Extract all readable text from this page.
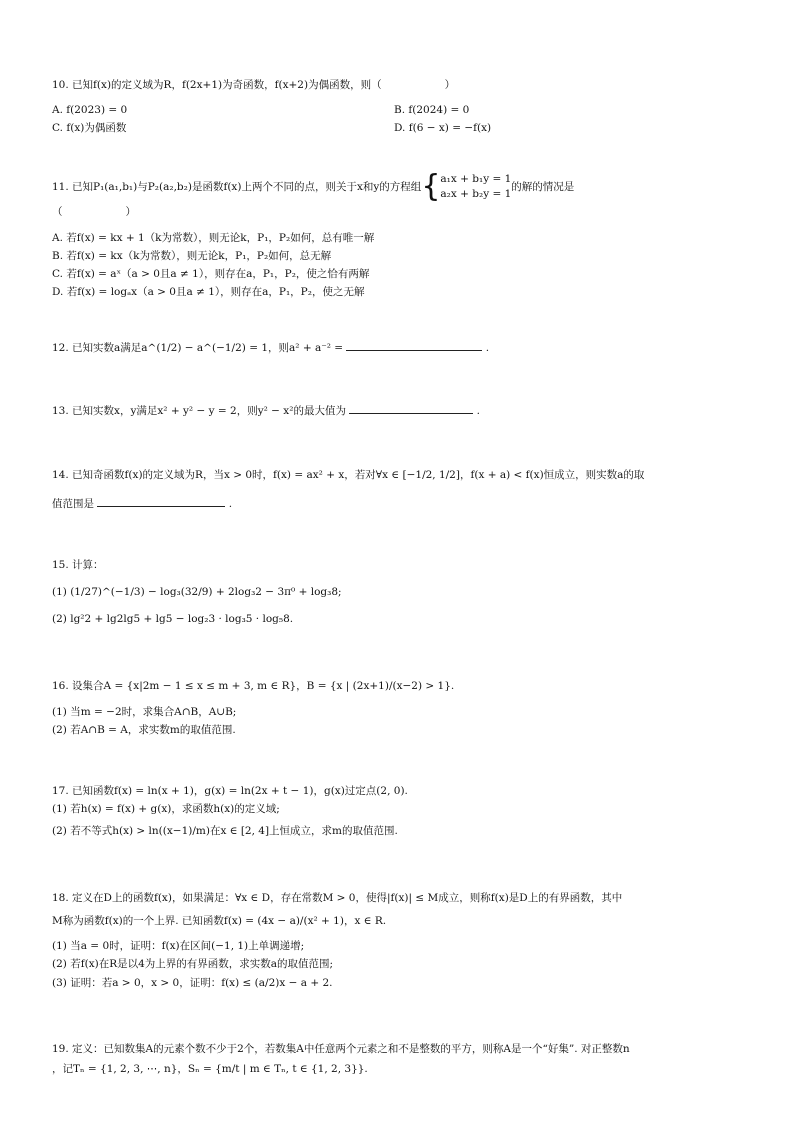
10. 已知f(x)的定义域为R，f(2x+1)为奇函数，f(x+2)为偶函数，则（　　　　　　）
A. f(2023) = 0	B. f(2024) = 0
C. f(x)为偶函数	D. f(6 − x) = −f(x)
11. 已知P₁(a₁,b₁)与P₂(a₂,b₂)是函数f(x)上两个不同的点，则关于x和y的方程组{ a₁x + b₁y = 1
a₂x + b₂y = 1
的解的情况是
（　　　　　　）
A. 若f(x) = kx + 1（k为常数），则无论k，P₁，P₂如何，总有唯一解
B. 若f(x) = kx（k为常数），则无论k，P₁，P₂如何，总无解
C. 若f(x) = aˣ（a > 0且a ≠ 1），则存在a，P₁，P₂，使之恰有两解
D. 若f(x) = logₐx（a > 0且a ≠ 1），则存在a，P₁，P₂，使之无解
12. 已知实数a满足a^(1/2) − a^(−1/2) = 1，则a² + a⁻² =	.
13. 已知实数x，y满足x² + y² − y = 2，则y² − x²的最大值为	.
14. 已知奇函数f(x)的定义域为R，当x > 0时，f(x) = ax² + x，若对∀x ∈ [−1/2, 1/2]，f(x + a) < f(x)恒成立，则实数a的取
值范围是	.
15. 计算：
(1) (1/27)^(−1/3) − log₃(32/9) + 2log₃2 − 3π⁰ + log₃8;
(2) lg²2 + lg2lg5 + lg5 − log₂3 · log₃5 · log₅8.
16. 设集合A = {x|2m − 1 ≤ x ≤ m + 3, m ∈ R}，B = {x | (2x+1)/(x−2) > 1}.
(1) 当m = −2时，求集合A∩B，A∪B;
(2) 若A∩B = A，求实数m的取值范围.
17. 已知函数f(x) = ln(x + 1)，g(x) = ln(2x + t − 1)，g(x)过定点(2, 0).
(1) 若h(x) = f(x) + g(x)，求函数h(x)的定义域;
(2) 若不等式h(x) > ln((x−1)/m)在x ∈ [2, 4]上恒成立，求m的取值范围.
18. 定义在D上的函数f(x)，如果满足：∀x ∈ D，存在常数M > 0，使得|f(x)| ≤ M成立，则称f(x)是D上的有界函数，其中
M称为函数f(x)的一个上界. 已知函数f(x) = (4x − a)/(x² + 1)，x ∈ R.
(1) 当a = 0时，证明：f(x)在区间(−1, 1)上单调递增;
(2) 若f(x)在R是以4为上界的有界函数，求实数a的取值范围;
(3) 证明：若a > 0，x > 0，证明：f(x) ≤ (a/2)x − a + 2.
19. 定义：已知数集A的元素个数不少于2个，若数集A中任意两个元素之和不是整数的平方，则称A是一个“好集”. 对正整数n
，记Tₙ = {1, 2, 3, ⋯, n}，Sₙ = {m/t | m ∈ Tₙ, t ∈ {1, 2, 3}}.
